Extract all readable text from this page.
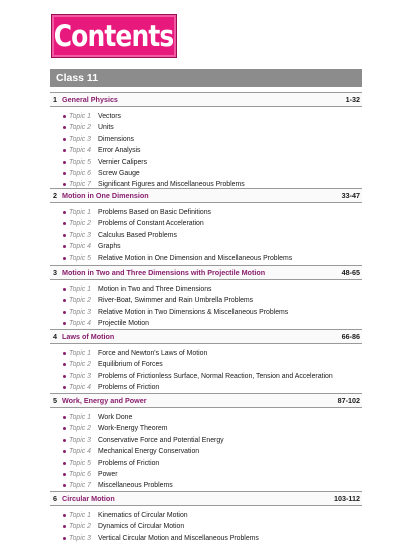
Contents
Class 11
1 General Physics	1-32
Topic 1 Vectors
Topic 2 Units
Topic 3 Dimensions
Topic 4 Error Analysis
Topic 5 Vernier Calipers
Topic 6 Screw Gauge
Topic 7 Significant Figures and Miscellaneous Problems
2 Motion in One Dimension	33-47
Topic 1 Problems Based on Basic Definitions
Topic 2 Problems of Constant Acceleration
Topic 3 Calculus Based Problems
Topic 4 Graphs
Topic 5 Relative Motion in One Dimension and Miscellaneous Problems
3 Motion in Two and Three Dimensions with Projectile Motion	48-65
Topic 1 Motion in Two and Three Dimensions
Topic 2 River-Boat, Swimmer and Rain Umbrella Problems
Topic 3 Relative Motion in Two Dimensions & Miscellaneous Problems
Topic 4 Projectile Motion
4 Laws of Motion	66-86
Topic 1 Force and Newton's Laws of Motion
Topic 2 Equilibrium of Forces
Topic 3 Problems of Frictionless Surface, Normal Reaction, Tension and Acceleration
Topic 4 Problems of Friction
5 Work, Energy and Power	87-102
Topic 1 Work Done
Topic 2 Work-Energy Theorem
Topic 3 Conservative Force and Potential Energy
Topic 4 Mechanical Energy Conservation
Topic 5 Problems of Friction
Topic 6 Power
Topic 7 Miscellaneous Problems
6 Circular Motion	103-112
Topic 1 Kinematics of Circular Motion
Topic 2 Dynamics of Circular Motion
Topic 3 Vertical Circular Motion and Miscellaneous Problems
